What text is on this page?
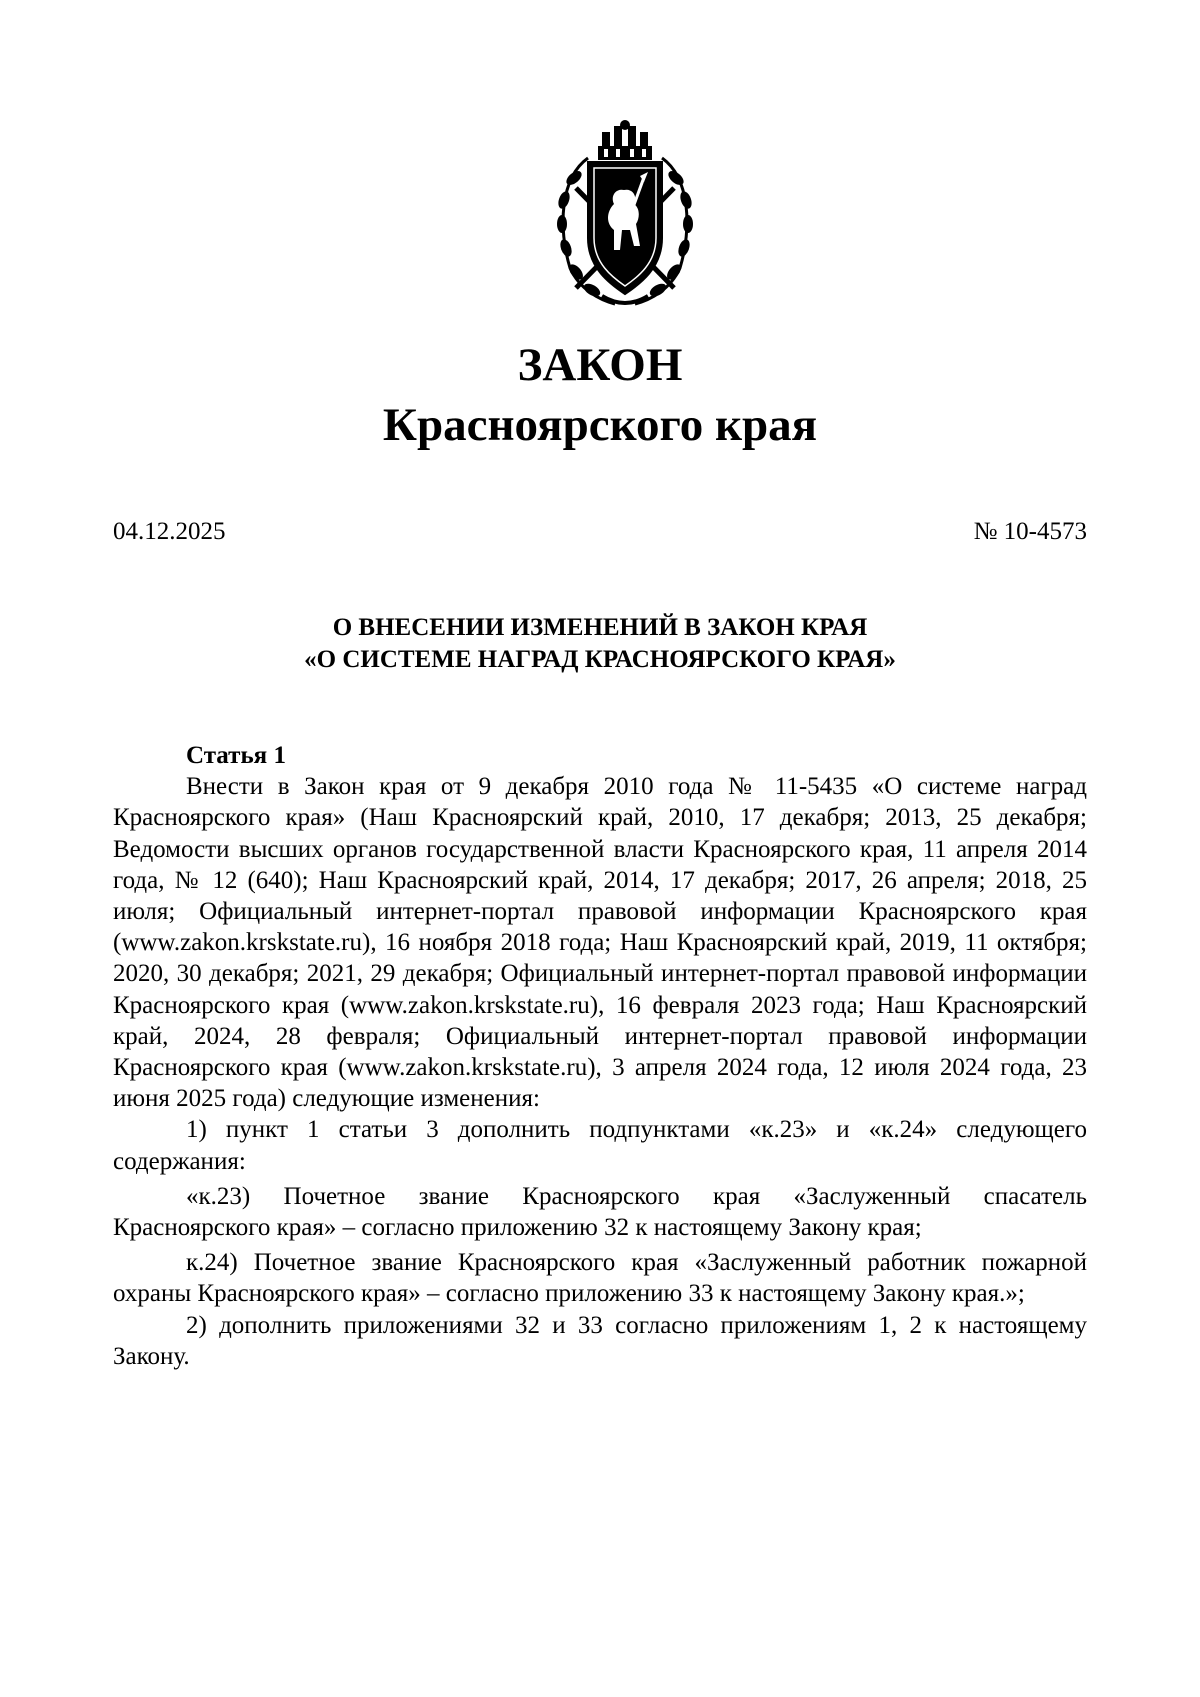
ЗАКОН
Красноярского края
04.12.2025	№ 10-4573
О ВНЕСЕНИИ ИЗМЕНЕНИЙ В ЗАКОН КРАЯ
«О СИСТЕМЕ НАГРАД КРАСНОЯРСКОГО КРАЯ»

Статья 1

Внести в Закон края от 9 декабря 2010 года № 11-5435 «О системе наград Красноярского края» (Наш Красноярский край, 2010, 17 декабря; 2013, 25 декабря; Ведомости высших органов государственной власти Красноярского края, 11 апреля 2014 года, № 12 (640); Наш Красноярский край, 2014, 17 декабря; 2017, 26 апреля; 2018, 25 июля; Официальный интернет-портал правовой информации Красноярского края (www.zakon.krskstate.ru), 16 ноября 2018 года; Наш Красноярский край, 2019, 11 октября; 2020, 30 декабря; 2021, 29 декабря; Официальный интернет-портал правовой информации Красноярского края (www.zakon.krskstate.ru), 16 февраля 2023 года; Наш Красноярский край, 2024, 28 февраля; Официальный интернет-портал правовой информации Красноярского края (www.zakon.krskstate.ru), 3 апреля 2024 года, 12 июля 2024 года, 23 июня 2025 года) следующие изменения:

1) пункт 1 статьи 3 дополнить подпунктами «к.23» и «к.24» следующего содержания:

«к.23) Почетное звание Красноярского края «Заслуженный спасатель Красноярского края» – согласно приложению 32 к настоящему Закону края;

к.24) Почетное звание Красноярского края «Заслуженный работник пожарной охраны Красноярского края» – согласно приложению 33 к настоящему Закону края.»;

2) дополнить приложениями 32 и 33 согласно приложениям 1, 2 к настоящему Закону.
